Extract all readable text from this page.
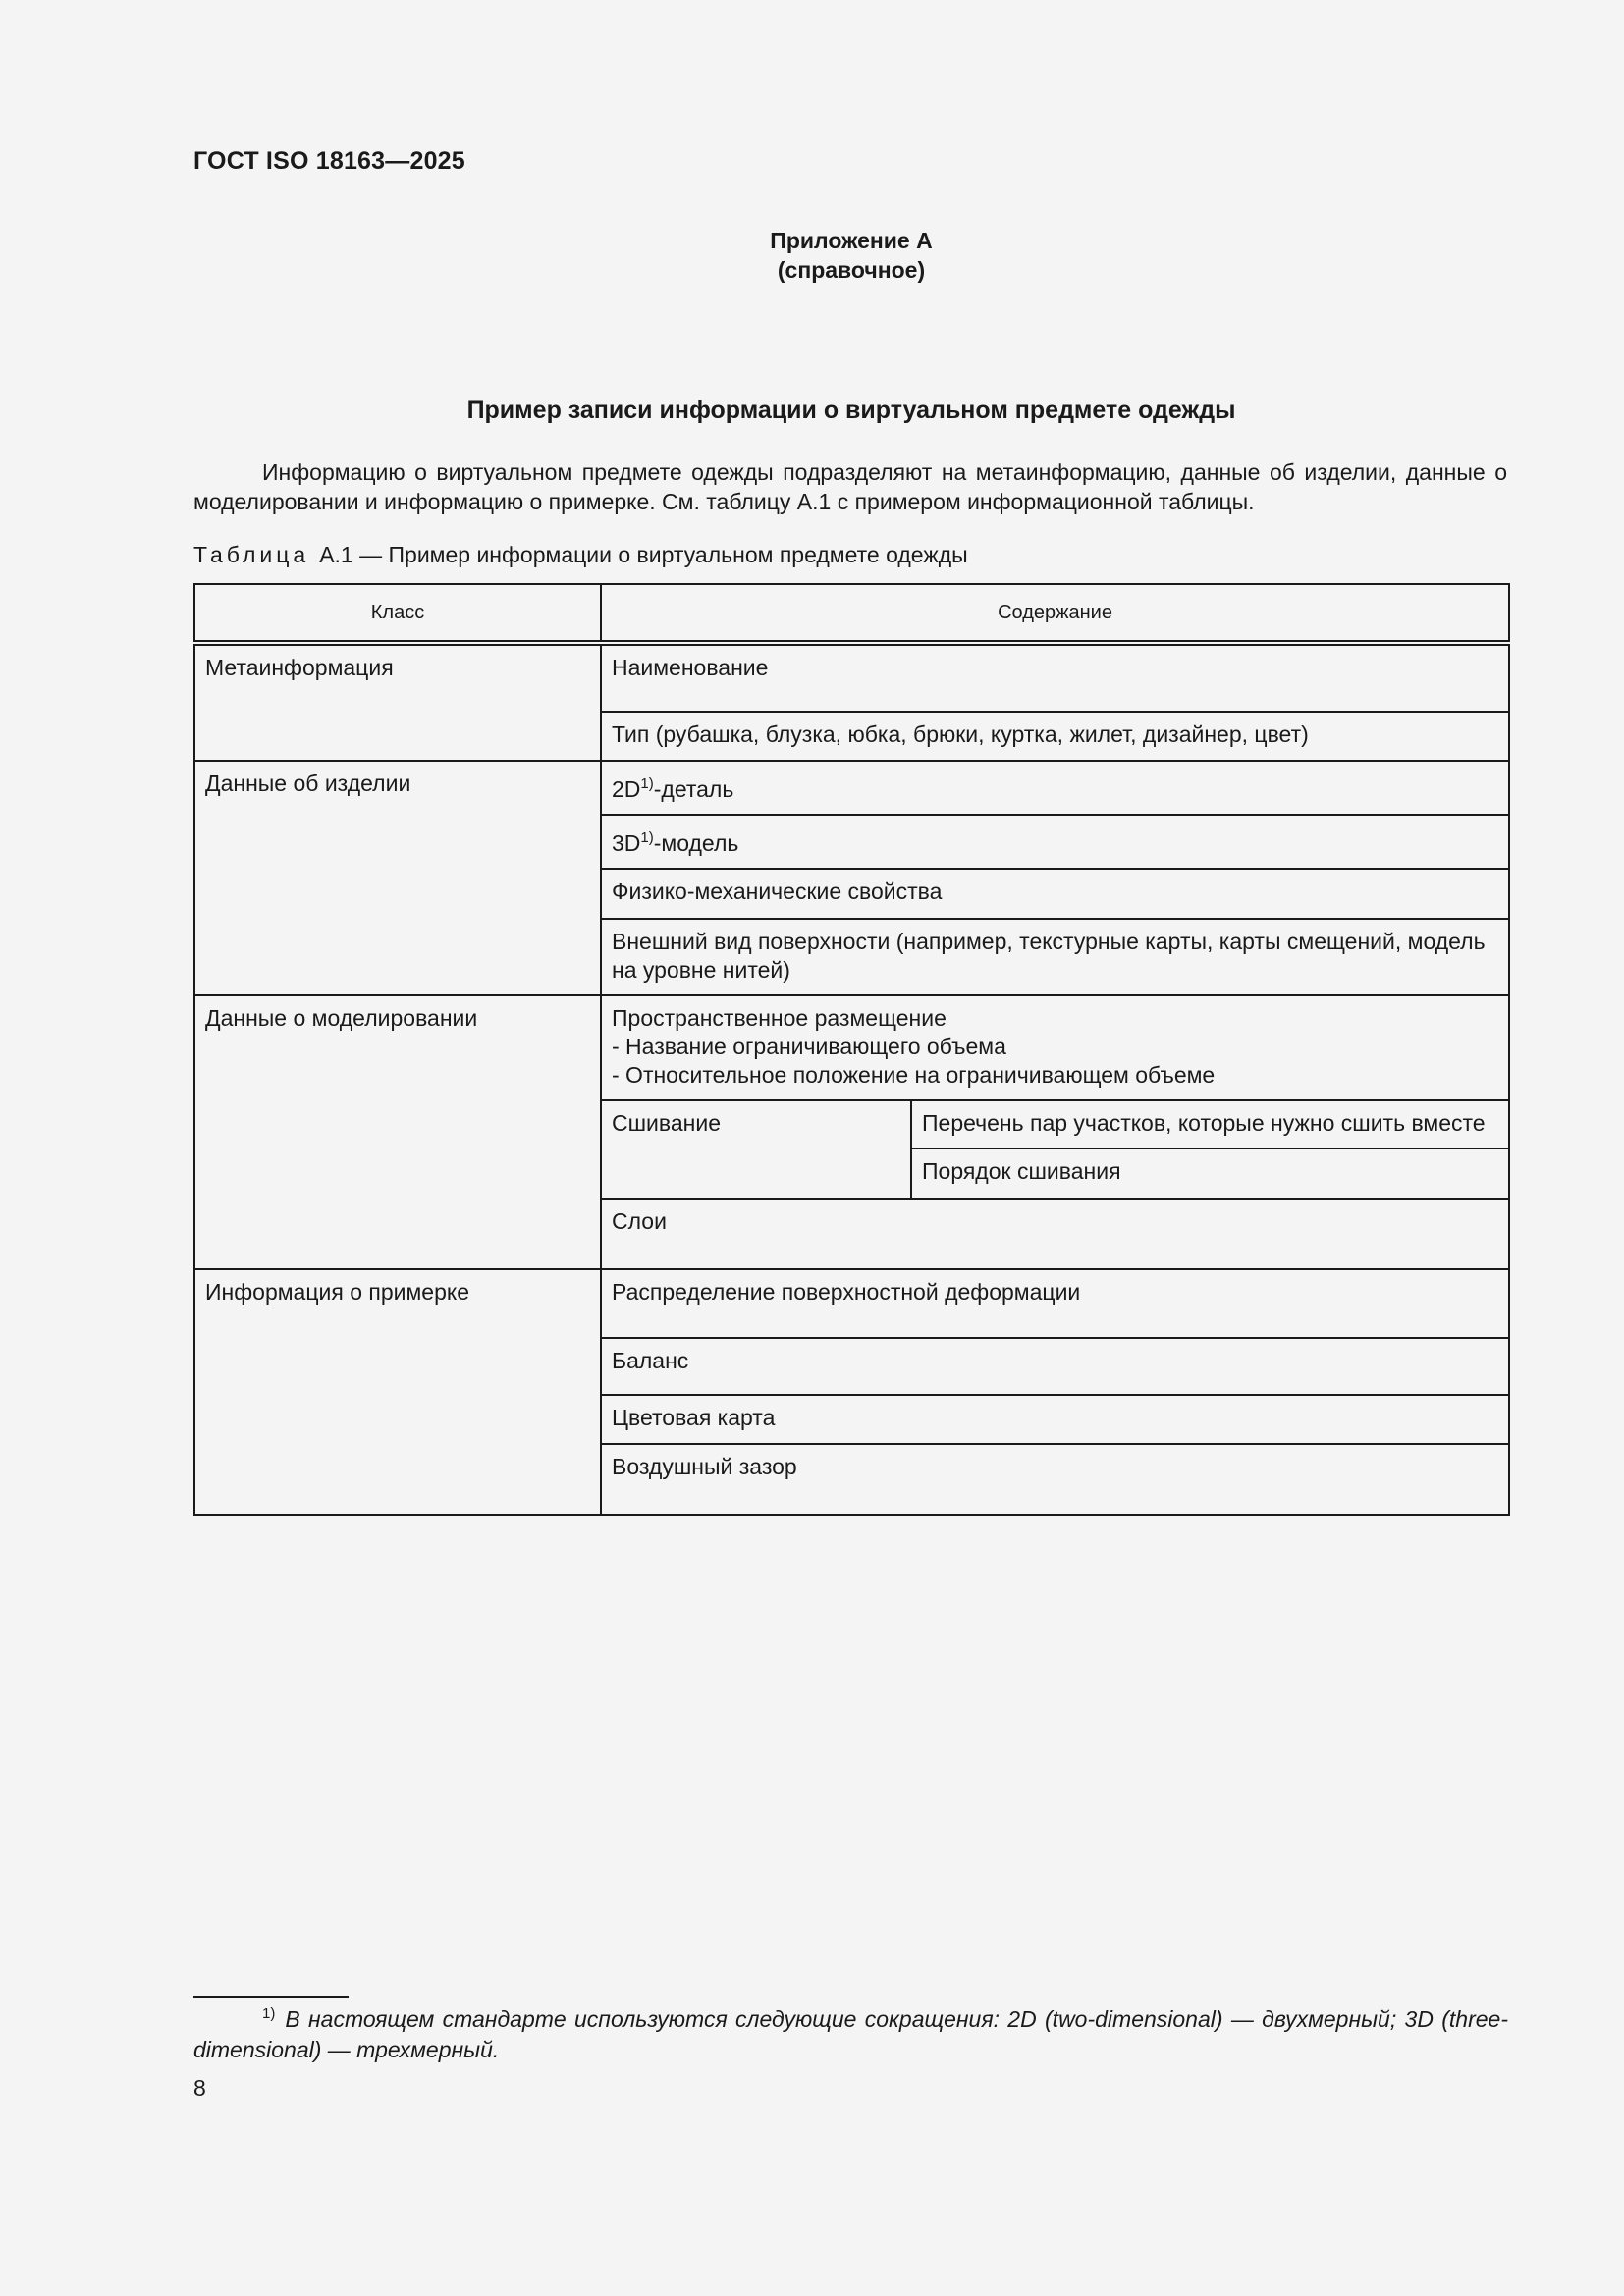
ГОСТ ISO 18163—2025
Приложение А
(справочное)
Пример записи информации о виртуальном предмете одежды

Информацию о виртуальном предмете одежды подразделяют на метаинформацию, данные об изделии, данные о моделировании и информацию о примерке. См. таблицу А.1 с примером информационной таблицы.

Таблица А.1 — Пример информации о виртуальном предмете одежды
Класс	Содержание	
Метаинформация	Наименование	
	Тип (рубашка, блузка, юбка, брюки, куртка, жилет, дизайнер, цвет)	
Данные об изделии	$2D^{1)}$-деталь	
	$3D^{1)}$-модель	
	Физико-механические свойства	
	Внешний вид поверхности (например, текстурные карты, карты смещений, модель на уровне нитей)	
Данные о моделировании	Пространственное размещение
- Название ограничивающего объема
- Относительное положение на ограничивающем объеме	

	Сшивание	Перечень пар участков, которые нужно сшить вместе
		Порядок сшивания
	Слои	
Информация о примерке	Распределение поверхностной деформации	
	Баланс	
	Цветовая карта	
	Воздушный зазор	

$^{1)}$ В настоящем стандарте используются следующие сокращения: 2D (two-dimensional) — двухмерный; 3D (three-dimensional) — трехмерный.

8
